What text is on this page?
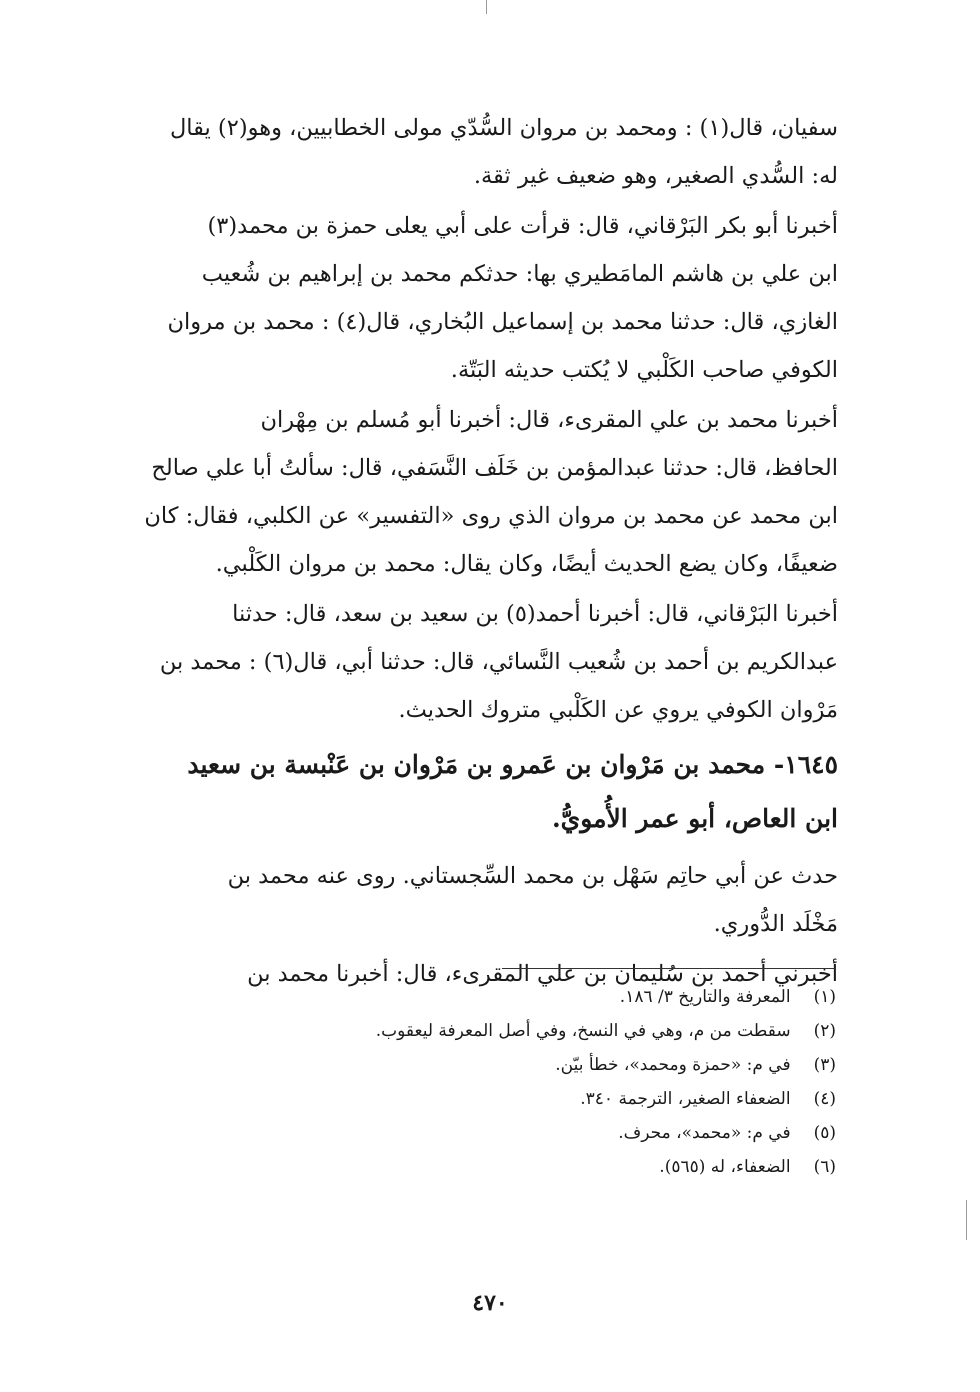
سفيان، قال(١) : ومحمد بن مروان السُّدّي مولى الخطابيين، وهو(٢) يقال
له: السُّدي الصغير، وهو ضعيف غير ثقة.
أخبرنا أبو بكر البَرْقاني، قال: قرأت على أبي يعلى حمزة بن محمد(٣)
ابن علي بن هاشم المامَطيري بها: حدثكم محمد بن إبراهيم بن شُعيب
الغازي، قال: حدثنا محمد بن إسماعيل البُخاري، قال(٤) : محمد بن مروان
الكوفي صاحب الكَلْبي لا يُكتب حديثه البَتّة.
أخبرنا محمد بن علي المقرىء، قال: أخبرنا أبو مُسلم بن مِهْران
الحافظ، قال: حدثنا عبدالمؤمن بن خَلَف النَّسَفي، قال: سألتُ أبا علي صالح
ابن محمد عن محمد بن مروان الذي روى «التفسير» عن الكلبي، فقال: كان
ضعيفًا، وكان يضع الحديث أيضًا، وكان يقال: محمد بن مروان الكَلْبي.
أخبرنا البَرْقاني، قال: أخبرنا أحمد(٥) بن سعيد بن سعد، قال: حدثنا
عبدالكريم بن أحمد بن شُعيب النَّسائي، قال: حدثنا أبي، قال(٦) : محمد بن
مَرْوان الكوفي يروي عن الكَلْبي متروك الحديث.
١٦٤٥- محمد بن مَرْوان بن عَمرو بن مَرْوان بن عَنْبسة بن سعيد
ابن العاص، أبو عمر الأُمويُّ.
حدث عن أبي حاتِم سَهْل بن محمد السِّجستاني. روى عنه محمد بن
مَخْلَد الدُّوري.
أخبرني أحمد بن سُليمان بن علي المقرىء، قال: أخبرنا محمد بن
(١) المعرفة والتاريخ ٣/ ١٨٦.
(٢) سقطت من م، وهي في النسخ، وفي أصل المعرفة ليعقوب.
(٣) في م: «حمزة ومحمد»، خطأ بيّن.
(٤) الضعفاء الصغير، الترجمة ٣٤٠.
(٥) في م: «محمد»، محرف.
(٦) الضعفاء، له (٥٦٥).
٤٧٠
